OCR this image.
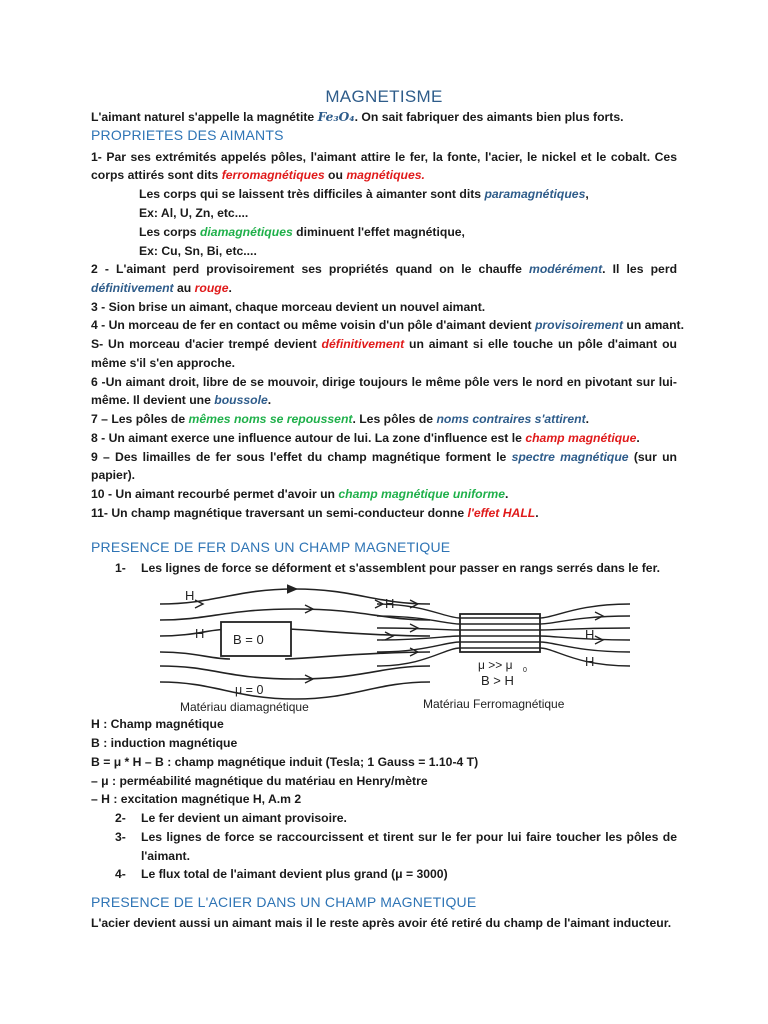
MAGNETISME
L'aimant naturel s'appelle la magnétite Fe₃O₄. On sait fabriquer des aimants bien plus forts.
PROPRIETES DES AIMANTS
1- Par ses extrémités appelés pôles, l'aimant attire le fer, la fonte, l'acier, le nickel et le cobalt. Ces
corps attirés sont dits ferromagnétiques ou magnétiques.
Les corps qui se laissent très difficiles à aimanter sont dits paramagnétiques,
Ex: Al, U, Zn, etc....
Les corps diamagnétiques diminuent l'effet magnétique,
Ex: Cu, Sn, Bi, etc....
2 - L'aimant perd provisoirement ses propriétés quand on le chauffe modérément. Il les perd
définitivement au rouge.
3 - Sion brise un aimant, chaque morceau devient un nouvel aimant.
4 - Un morceau de fer en contact ou même voisin d'un pôle d'aimant devient provisoirement un amant.
S- Un morceau d'acier trempé devient définitivement un aimant si elle touche un pôle d'aimant ou
même s'il s'en approche.
6 -Un aimant droit, libre de se mouvoir, dirige toujours le même pôle vers le nord en pivotant sur lui-
même. Il devient une boussole.
7 – Les pôles de mêmes noms se repoussent. Les pôles de noms contraires s'attirent.
8 - Un aimant exerce une influence autour de lui. La zone d'influence est le champ magnétique.
9 – Des limailles de fer sous l'effet du champ magnétique forment le spectre magnétique (sur un
papier).
10 - Un aimant recourbé permet d'avoir un champ magnétique uniforme.
11- Un champ magnétique traversant un semi-conducteur donne l'effet HALL.
PRESENCE DE FER DANS UN CHAMP MAGNETIQUE
1- Les lignes de force se déforment et s'assemblent pour passer en rangs serrés dans le fer.
H
H B = 0
μ = 0
Matériau diamagnétique
H
H
H
μ >> μ 0
B > H
Matériau Ferromagnétique
H : Champ magnétique
B : induction magnétique
B = μ * H – B : champ magnétique induit (Tesla; 1 Gauss = 1.10-4 T)
– μ : perméabilité magnétique du matériau en Henry/mètre
– H : excitation magnétique H, A.m 2
2- Le fer devient un aimant provisoire.
3- Les lignes de force se raccourcissent et tirent sur le fer pour lui faire toucher les pôles de
l'aimant.
4- Le flux total de l'aimant devient plus grand (μ = 3000)
PRESENCE DE L'ACIER DANS UN CHAMP MAGNETIQUE
L'acier devient aussi un aimant mais il le reste après avoir été retiré du champ de l'aimant inducteur.
